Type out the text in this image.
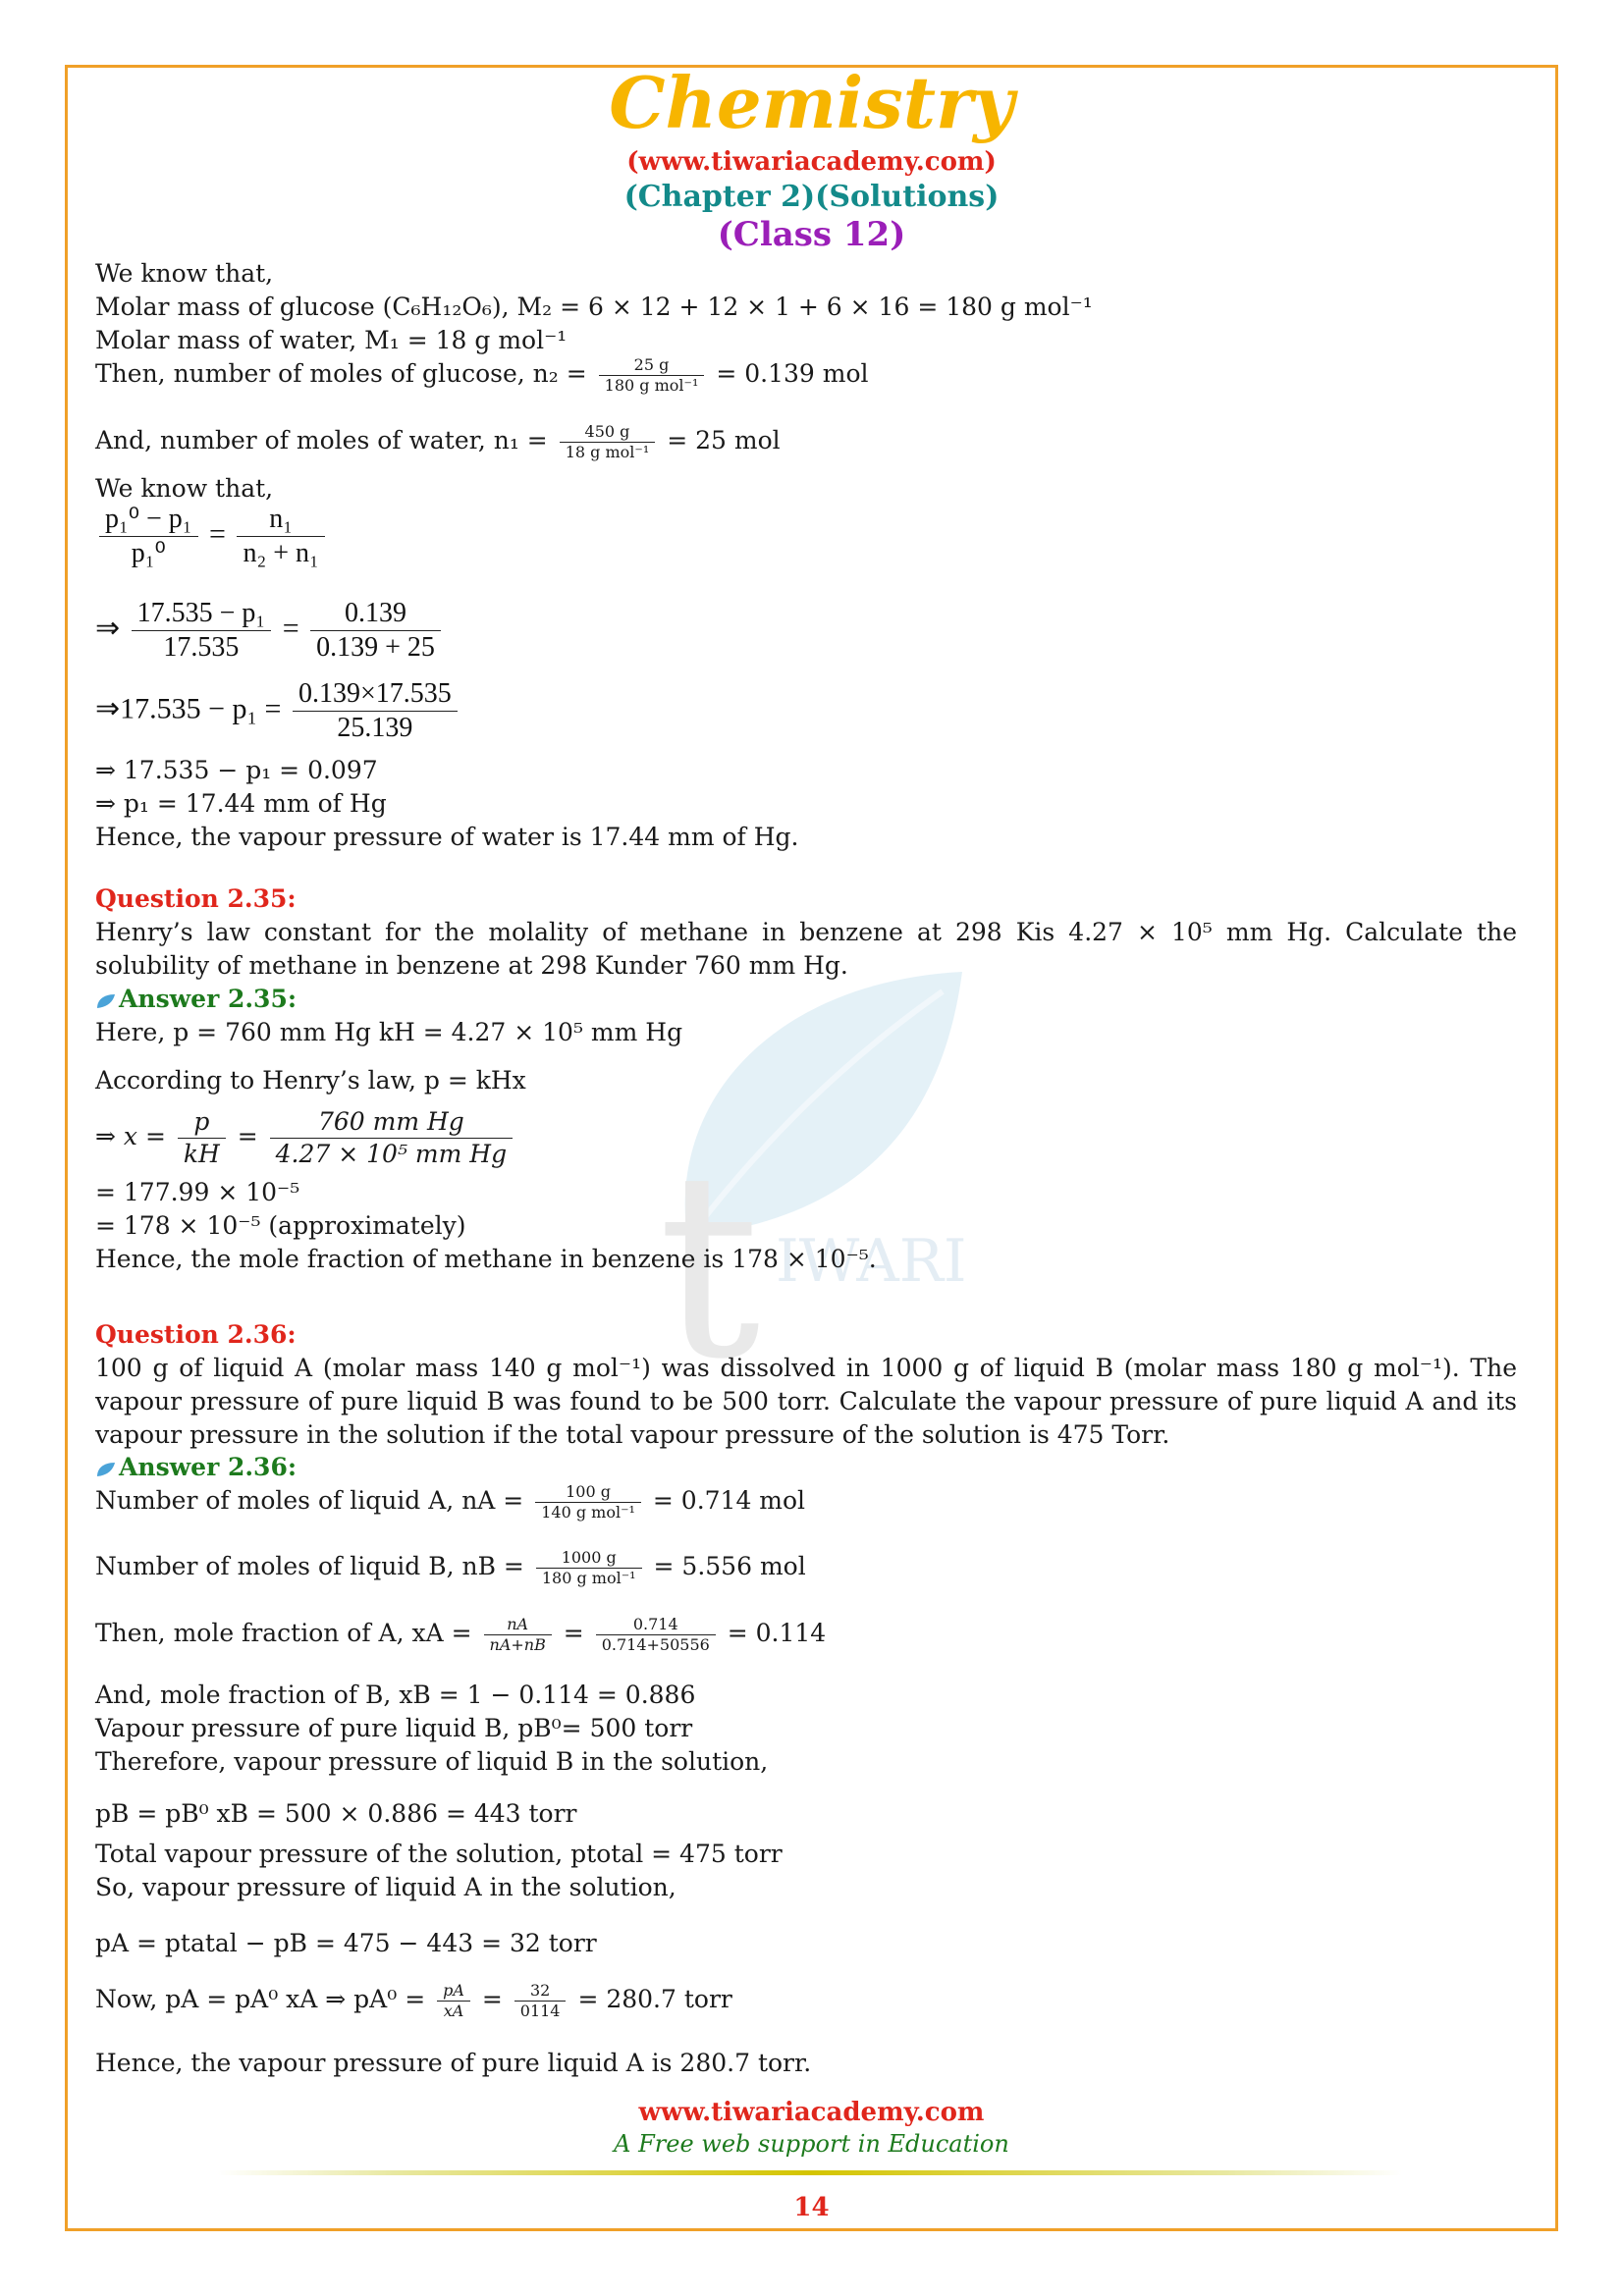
t IWARI
Chemistry
(www.tiwariacademy.com)
(Chapter 2)(Solutions)
(Class 12)
We know that,
Molar mass of glucose (C₆H₁₂O₆), M₂ = 6 × 12 + 12 × 1 + 6 × 16 = 180 g mol⁻¹
Molar mass of water, M₁ = 18 g mol⁻¹
Then, number of moles of glucose, $n_2 = \frac{25 g}{\text{180 g mol⁻¹}} = 0.139$ mol
And, number of moles of water, $n_1 = \frac{450 g}{\text{18 g mol⁻¹}} = 25$ mol
We know that,
$\frac{\text{p₁⁰ − p₁}}{\text{p₁⁰}} = \frac{\text{n₁}}{\text{n₂ + n₁}}$
⇒ $\frac{\text{17.535 − p₁}}{17.535} = \frac{0.139}{0.139 + 25}$
⇒17.535 − $p_1 = \frac{0.139\times 17.535}{25.139}$
⇒ 17.535 − p₁ = 0.097
⇒ p₁ = 17.44 mm of Hg
Hence, the vapour pressure of water is 17.44 mm of Hg.
Question 2.35:
Henry’s law constant for the molality of methane in benzene at 298 Kis 4.27 × 10⁵ mm Hg. Calculate the solubility of methane in benzene at 298 Kunder 760 mm Hg.
Answer 2.35:
Here, p = 760 mm Hg kH = 4.27 × 10⁵ mm Hg
According to Henry’s law, p = kHx
⇒ $x = \frac{p}{kH} = \frac{\text{760 mm Hg}}{\text{4.27 × 10⁵ mm Hg}}$
= 177.99 × 10⁻⁵
= 178 × 10⁻⁵ (approximately)
Hence, the mole fraction of methane in benzene is 178 × 10⁻⁵.
Question 2.36:
100 g of liquid A (molar mass 140 g mol⁻¹) was dissolved in 1000 g of liquid B (molar mass 180 g mol⁻¹). The vapour pressure of pure liquid B was found to be 500 torr. Calculate the vapour pressure of pure liquid A and its vapour pressure in the solution if the total vapour pressure of the solution is 475 Torr.
Answer 2.36:
Number of moles of liquid A, nA = $\frac{100 g}{\text{140 g mol⁻¹}} = 0.714$ mol
Number of moles of liquid B, nB = $\frac{1000 g}{\text{180 g mol⁻¹}} = 5.556$ mol
Then, mole fraction of A, xA = $\frac{nA}{nA+nB} = \frac{0.714}{0.714+50556} = 0.114$
And, mole fraction of B, xB = 1 − 0.114 = 0.886
Vapour pressure of pure liquid B, pB⁰= 500 torr
Therefore, vapour pressure of liquid B in the solution,
pB = pB⁰ xB = 500 × 0.886 = 443 torr
Total vapour pressure of the solution, ptotal = 475 torr
So, vapour pressure of liquid A in the solution,
pA = ptatal − pB = 475 − 443 = 32 torr
Now, pA = pA⁰ xA ⇒ $pA^0 = \frac{pA}{xA} = \frac{32}{0114} = 280.7$ torr
Hence, the vapour pressure of pure liquid A is 280.7 torr.
www.tiwariacademy.com
A Free web support in Education
14
